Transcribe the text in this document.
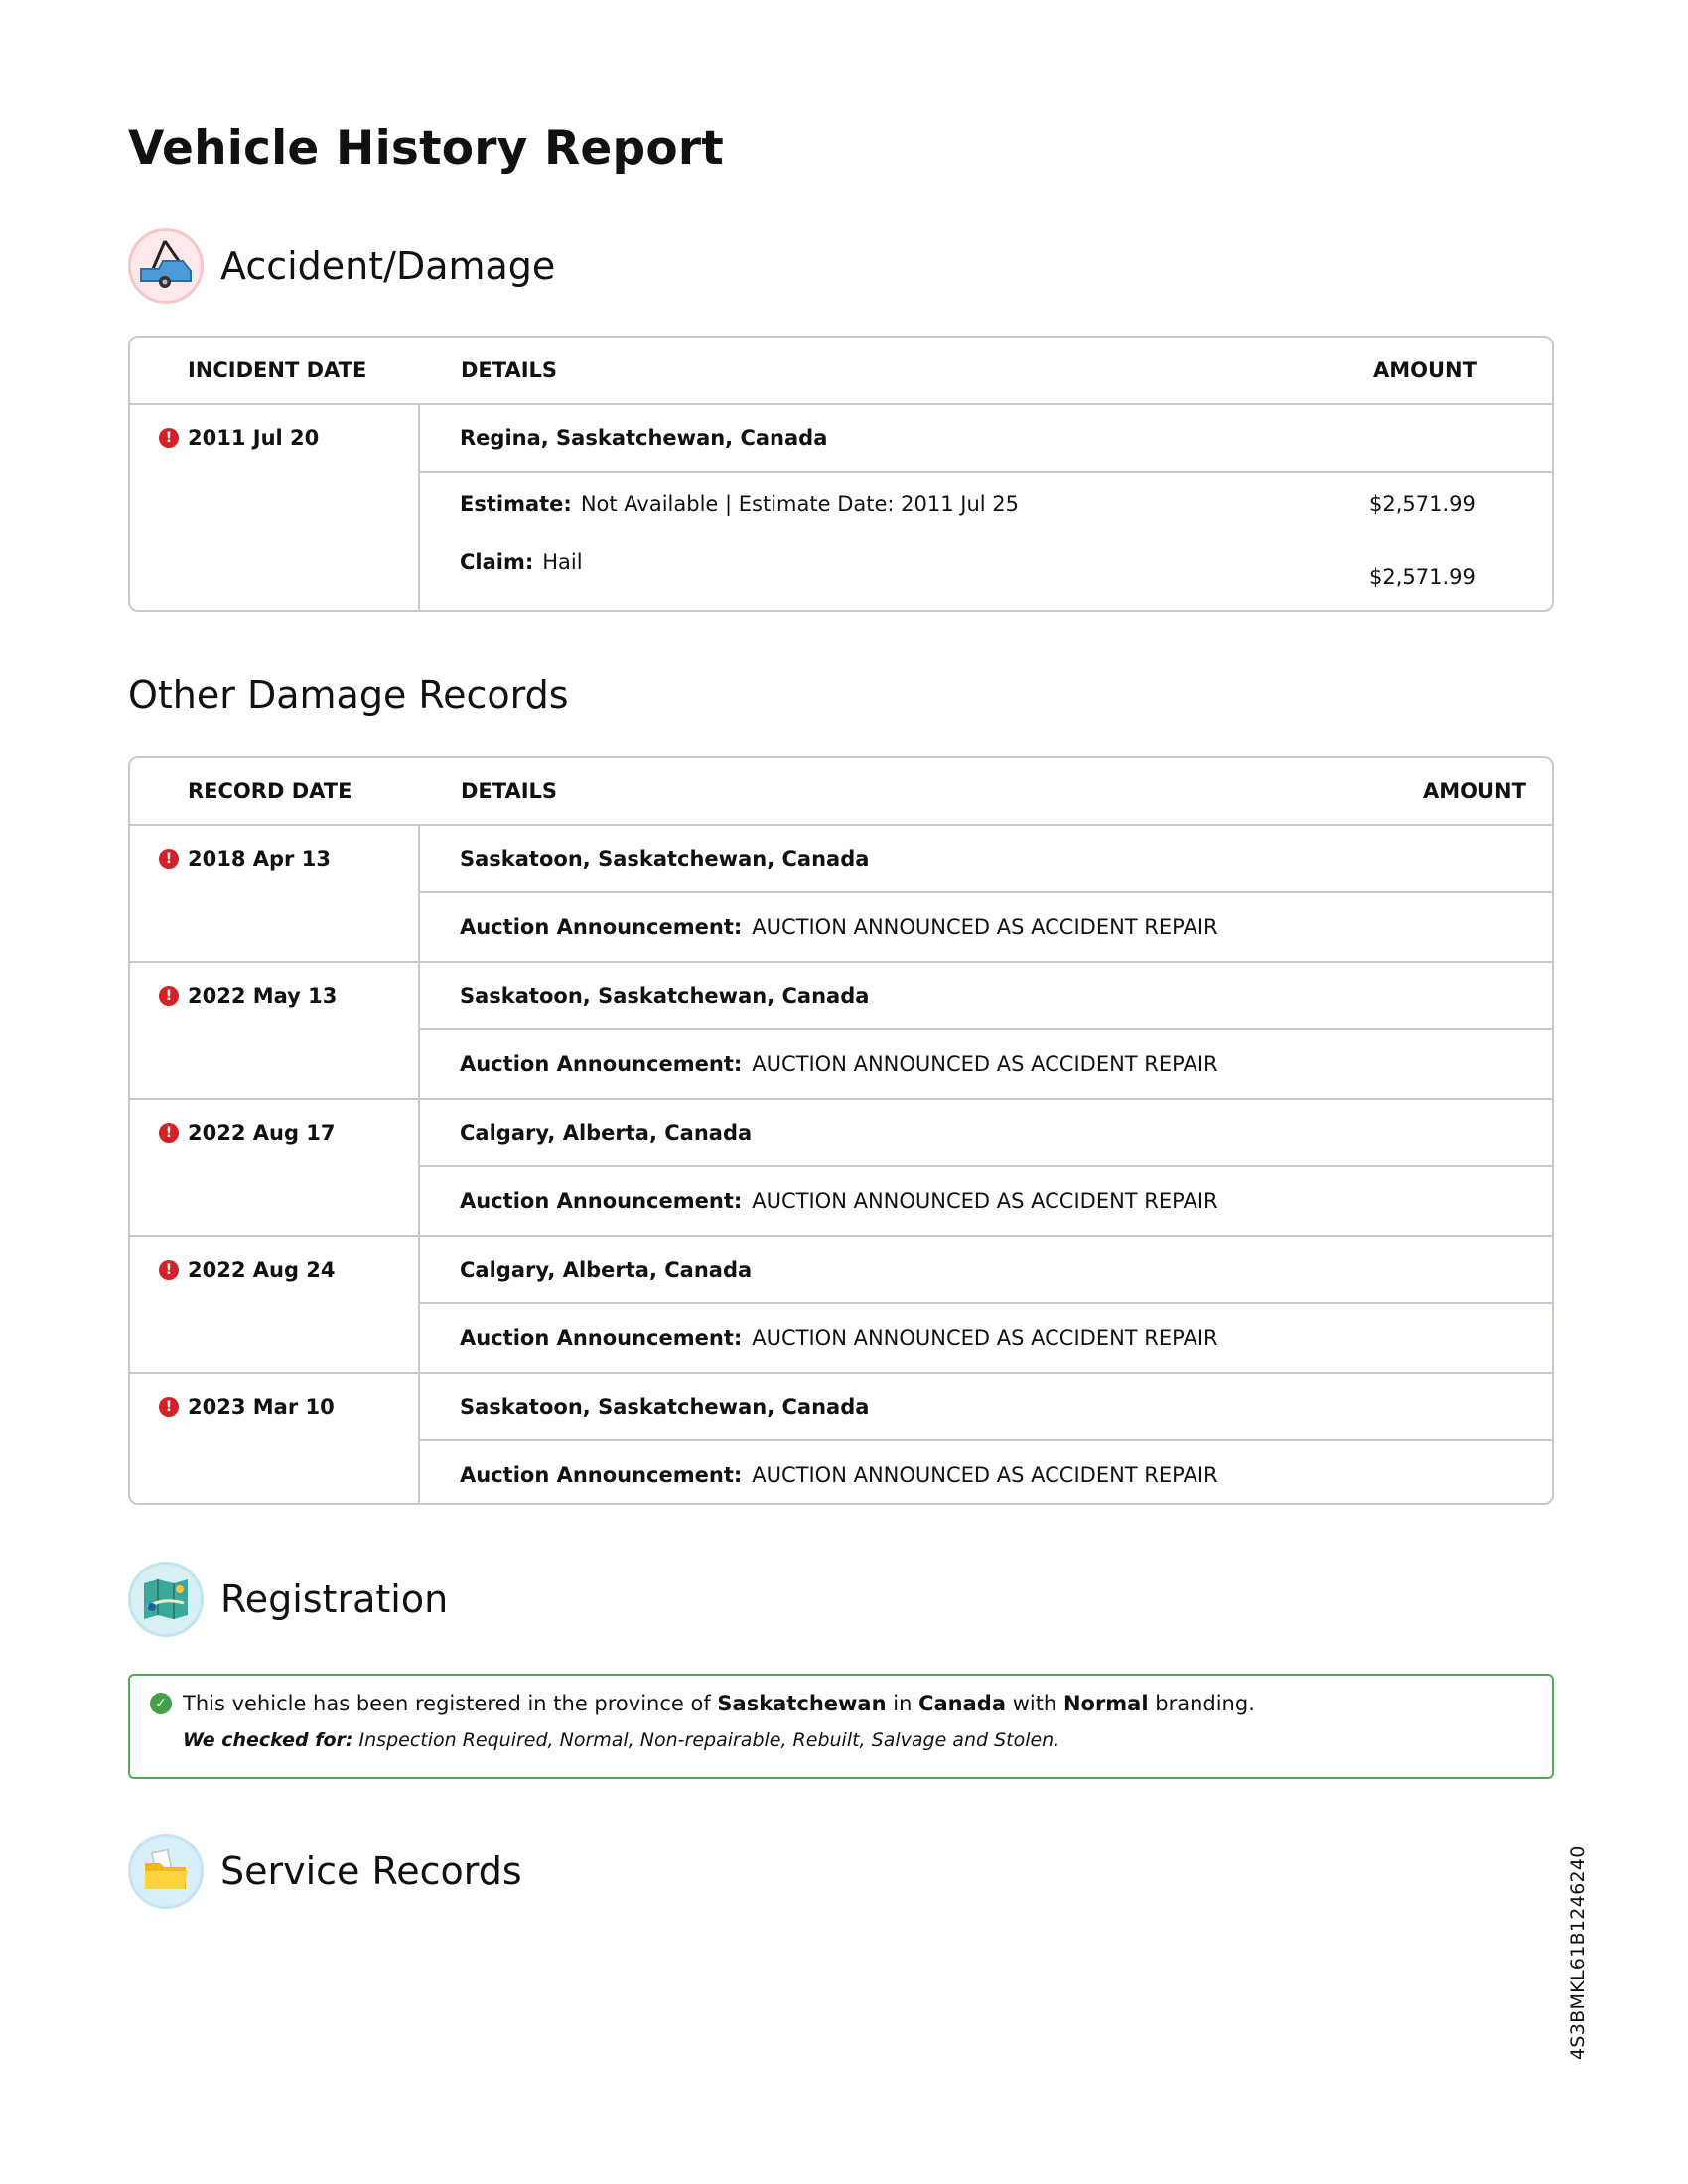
Vehicle History Report
Accident/Damage
INCIDENT DATE	DETAILS	AMOUNT
! 2011 Jul 20	Regina, Saskatchewan, Canada
Estimate: Not Available | Estimate Date: 2011 Jul 25	$2,571.99
Claim: Hail
$2,571.99
Other Damage Records
RECORD DATE	DETAILS	AMOUNT
! 2018 Apr 13	Saskatoon, Saskatchewan, Canada
Auction Announcement: AUCTION ANNOUNCED AS ACCIDENT REPAIR
! 2022 May 13	Saskatoon, Saskatchewan, Canada
Auction Announcement: AUCTION ANNOUNCED AS ACCIDENT REPAIR
! 2022 Aug 17	Calgary, Alberta, Canada
Auction Announcement: AUCTION ANNOUNCED AS ACCIDENT REPAIR
! 2022 Aug 24	Calgary, Alberta, Canada
Auction Announcement: AUCTION ANNOUNCED AS ACCIDENT REPAIR
! 2023 Mar 10	Saskatoon, Saskatchewan, Canada
Auction Announcement: AUCTION ANNOUNCED AS ACCIDENT REPAIR
Registration
✓ This vehicle has been registered in the province of
Saskatchewan
in
Canada
with
Normal
branding.
We checked for: Inspection Required, Normal, Non-repairable, Rebuilt, Salvage and Stolen.
Service Records	4S3BMKL61B1246240
